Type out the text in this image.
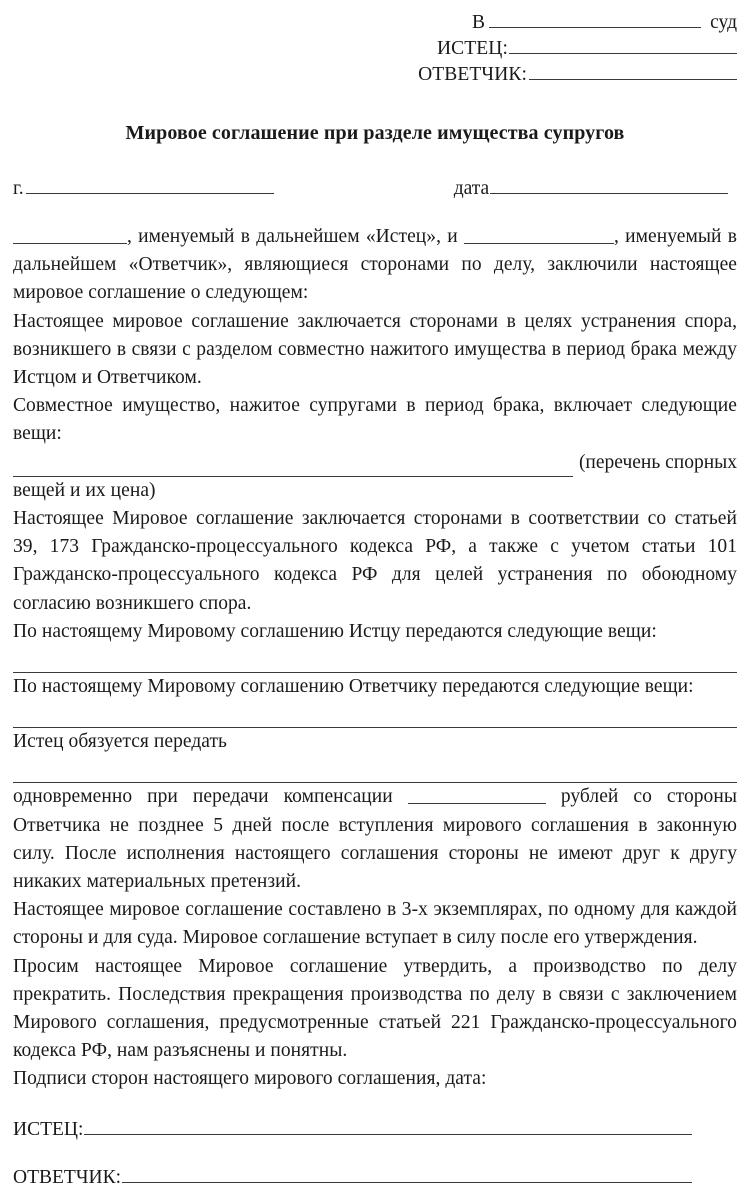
В	суд
ИСТЕЦ:
ОТВЕТЧИК:
Мировое соглашение при разделе имущества супругов
г.	дата

, именуемый в дальнейшем «Истец», и	, именуемый в дальнейшем «Ответчик», являющиеся сторонами по делу, заключили настоящее мировое соглашение о следующем:

Настоящее мировое соглашение заключается сторонами в целях устранения спора, возникшего в связи с разделом совместно нажитого имущества в период брака между Истцом и Ответчиком.

Совместное имущество, нажитое супругами в период брака, включает следующие вещи:

(перечень спорных

вещей и их цена)

Настоящее Мировое соглашение заключается сторонами в соответствии со статьей 39, 173 Гражданско-процессуального кодекса РФ, а также с учетом статьи 101 Гражданско-процессуального кодекса РФ для целей устранения по обоюдному согласию возникшего спора.

По настоящему Мировому соглашению Истцу передаются следующие вещи:

По настоящему Мировому соглашению Ответчику передаются следующие вещи:

Истец обязуется передать

одновременно при передачи компенсации	рублей со стороны Ответчика не позднее 5 дней после вступления мирового соглашения в законную силу. После исполнения настоящего соглашения стороны не имеют друг к другу никаких материальных претензий.

Настоящее мировое соглашение составлено в 3-х экземплярах, по одному для каждой стороны и для суда. Мировое соглашение вступает в силу после его утверждения.

Просим настоящее Мировое соглашение утвердить, а производство по делу прекратить. Последствия прекращения производства по делу в связи с заключением Мирового соглашения, предусмотренные статьей 221 Гражданско-процессуального кодекса РФ, нам разъяснены и понятны.

Подписи сторон настоящего мирового соглашения, дата:

ИСТЕЦ:
ОТВЕТЧИК:
